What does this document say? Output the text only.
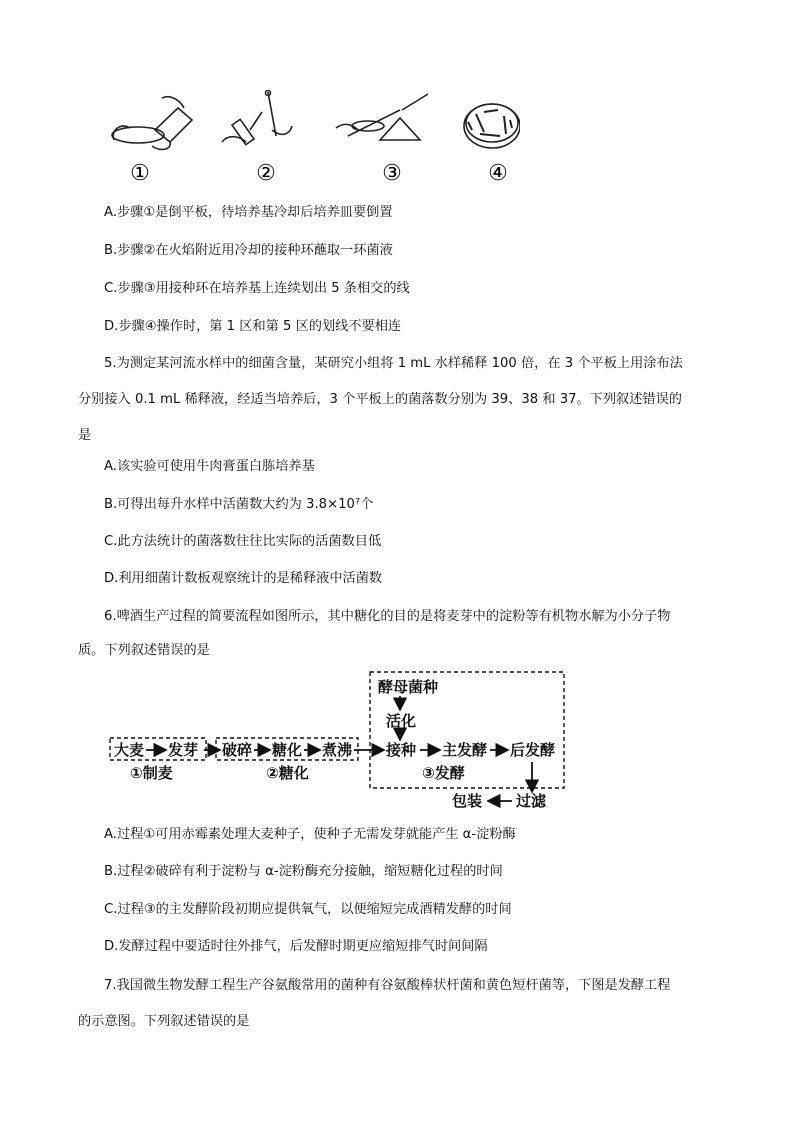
①	②	③	④
A.步骤①是倒平板，待培养基冷却后培养皿要倒置
B.步骤②在火焰附近用冷却的接种环蘸取一环菌液
C.步骤③用接种环在培养基上连续划出 5 条相交的线
D.步骤④操作时，第 1 区和第 5 区的划线不要相连
5.为测定某河流水样中的细菌含量，某研究小组将 1 mL 水样稀释 100 倍，在 3 个平板上用涂布法
分别接入 0.1 mL 稀释液，经适当培养后，3 个平板上的菌落数分别为 39、38 和 37。下列叙述错误的
是
A.该实验可使用牛肉膏蛋白胨培养基
B.可得出每升水样中活菌数大约为 3.8×10⁷个
C.此方法统计的菌落数往往比实际的活菌数目低
D.利用细菌计数板观察统计的是稀释液中活菌数
6.啤酒生产过程的简要流程如图所示，其中糖化的目的是将麦芽中的淀粉等有机物水解为小分子物
质。下列叙述错误的是
酵母菌种
活化
大麦 发芽 破碎 糖化 煮沸 接种 主发酵 后发酵
①制麦	②糖化	③发酵
包装 过滤
A.过程①可用赤霉素处理大麦种子，使种子无需发芽就能产生 α-淀粉酶
B.过程②破碎有利于淀粉与 α-淀粉酶充分接触，缩短糖化过程的时间
C.过程③的主发酵阶段初期应提供氧气，以便缩短完成酒精发酵的时间
D.发酵过程中要适时往外排气，后发酵时期更应缩短排气时间间隔
7.我国微生物发酵工程生产谷氨酸常用的菌种有谷氨酸棒状杆菌和黄色短杆菌等，下图是发酵工程
的示意图。下列叙述错误的是
